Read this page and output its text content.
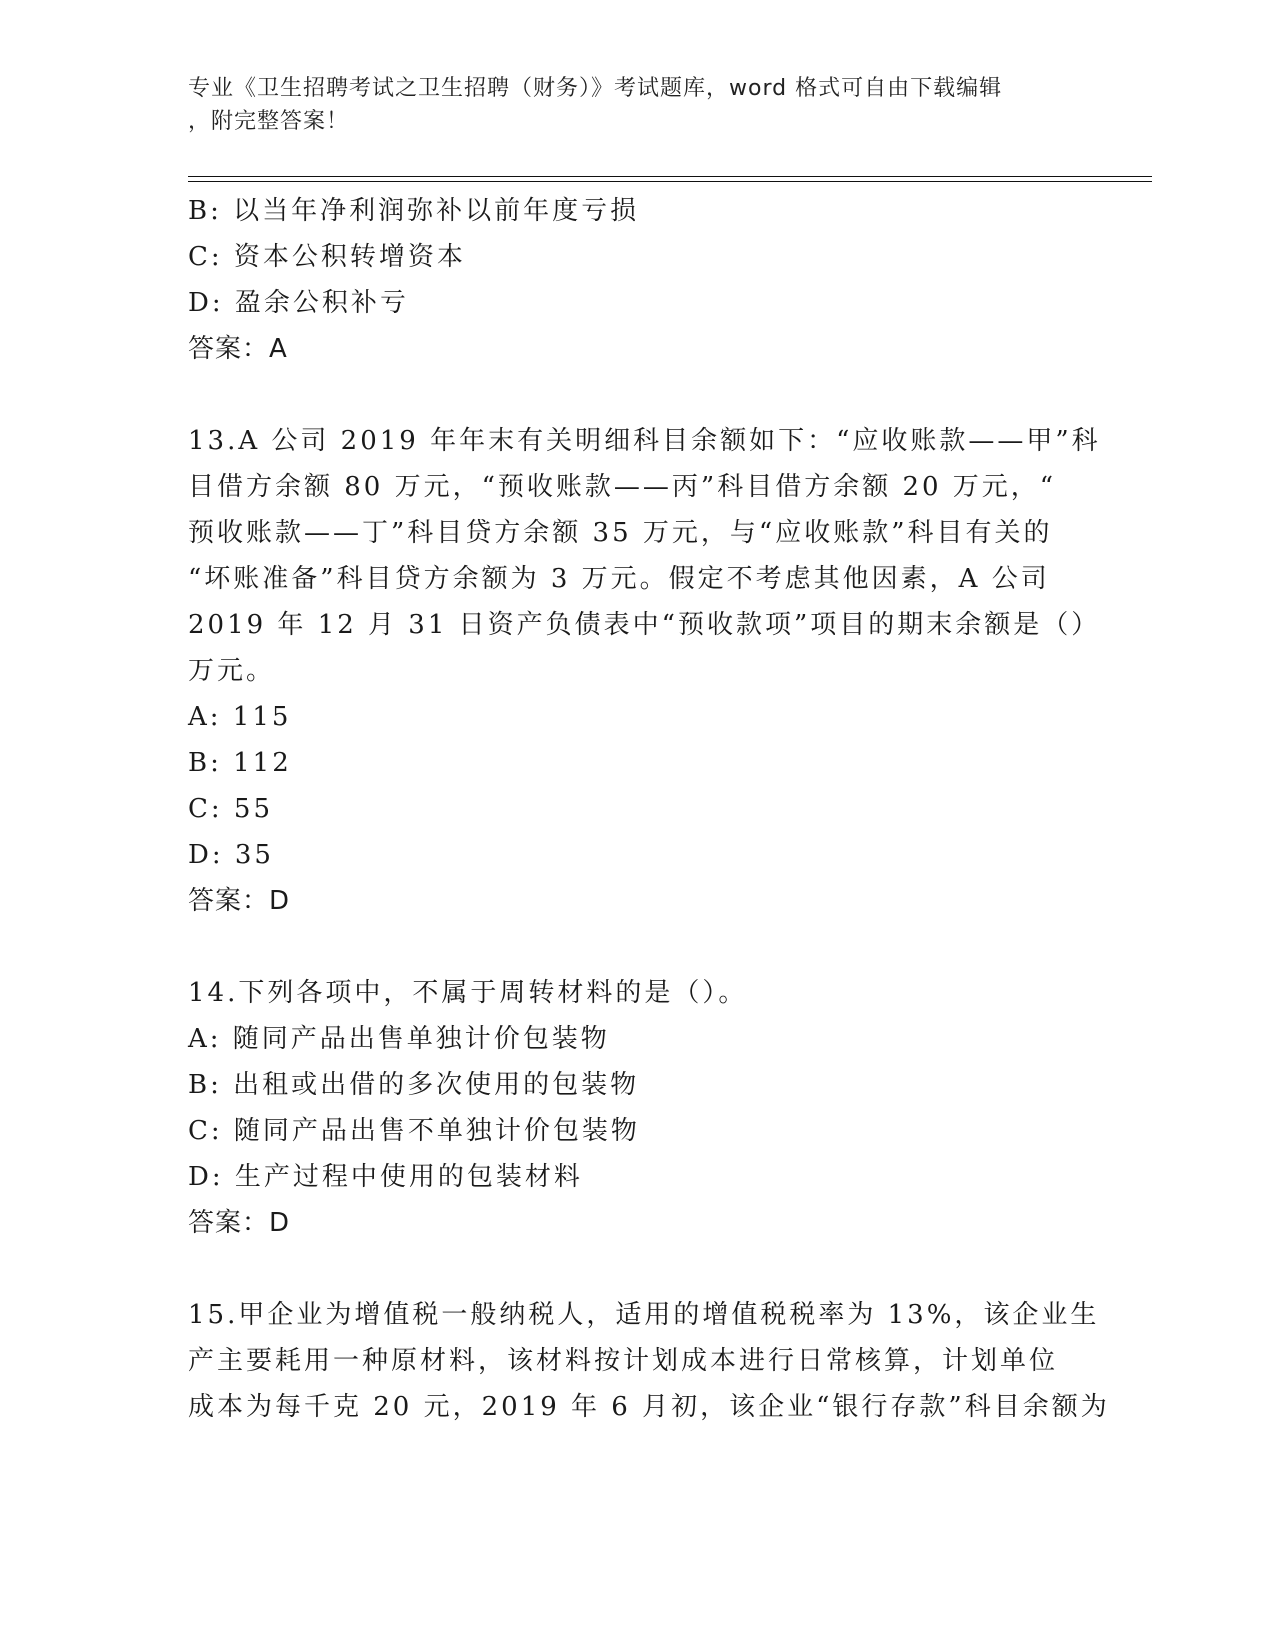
专业《卫生招聘考试之卫生招聘（财务）》考试题库，word 格式可自由下载编辑
，附完整答案！
B: 以当年净利润弥补以前年度亏损
C: 资本公积转增资本
D: 盈余公积补亏
答案：A
13.A 公司 2019 年年末有关明细科目余额如下：“应收账款——甲”科
目借方余额 80 万元，“预收账款——丙”科目借方余额 20 万元，“
预收账款——丁”科目贷方余额 35 万元，与“应收账款”科目有关的
“坏账准备”科目贷方余额为 3 万元。假定不考虑其他因素，A 公司
2019 年 12 月 31 日资产负债表中“预收款项”项目的期末余额是（）
万元。
A: 115
B: 112
C: 55
D: 35
答案：D
14.下列各项中，不属于周转材料的是（）。
A: 随同产品出售单独计价包装物
B: 出租或出借的多次使用的包装物
C: 随同产品出售不单独计价包装物
D: 生产过程中使用的包装材料
答案：D
15.甲企业为增值税一般纳税人，适用的增值税税率为 13%，该企业生
产主要耗用一种原材料，该材料按计划成本进行日常核算，计划单位
成本为每千克 20 元，2019 年 6 月初，该企业“银行存款”科目余额为
